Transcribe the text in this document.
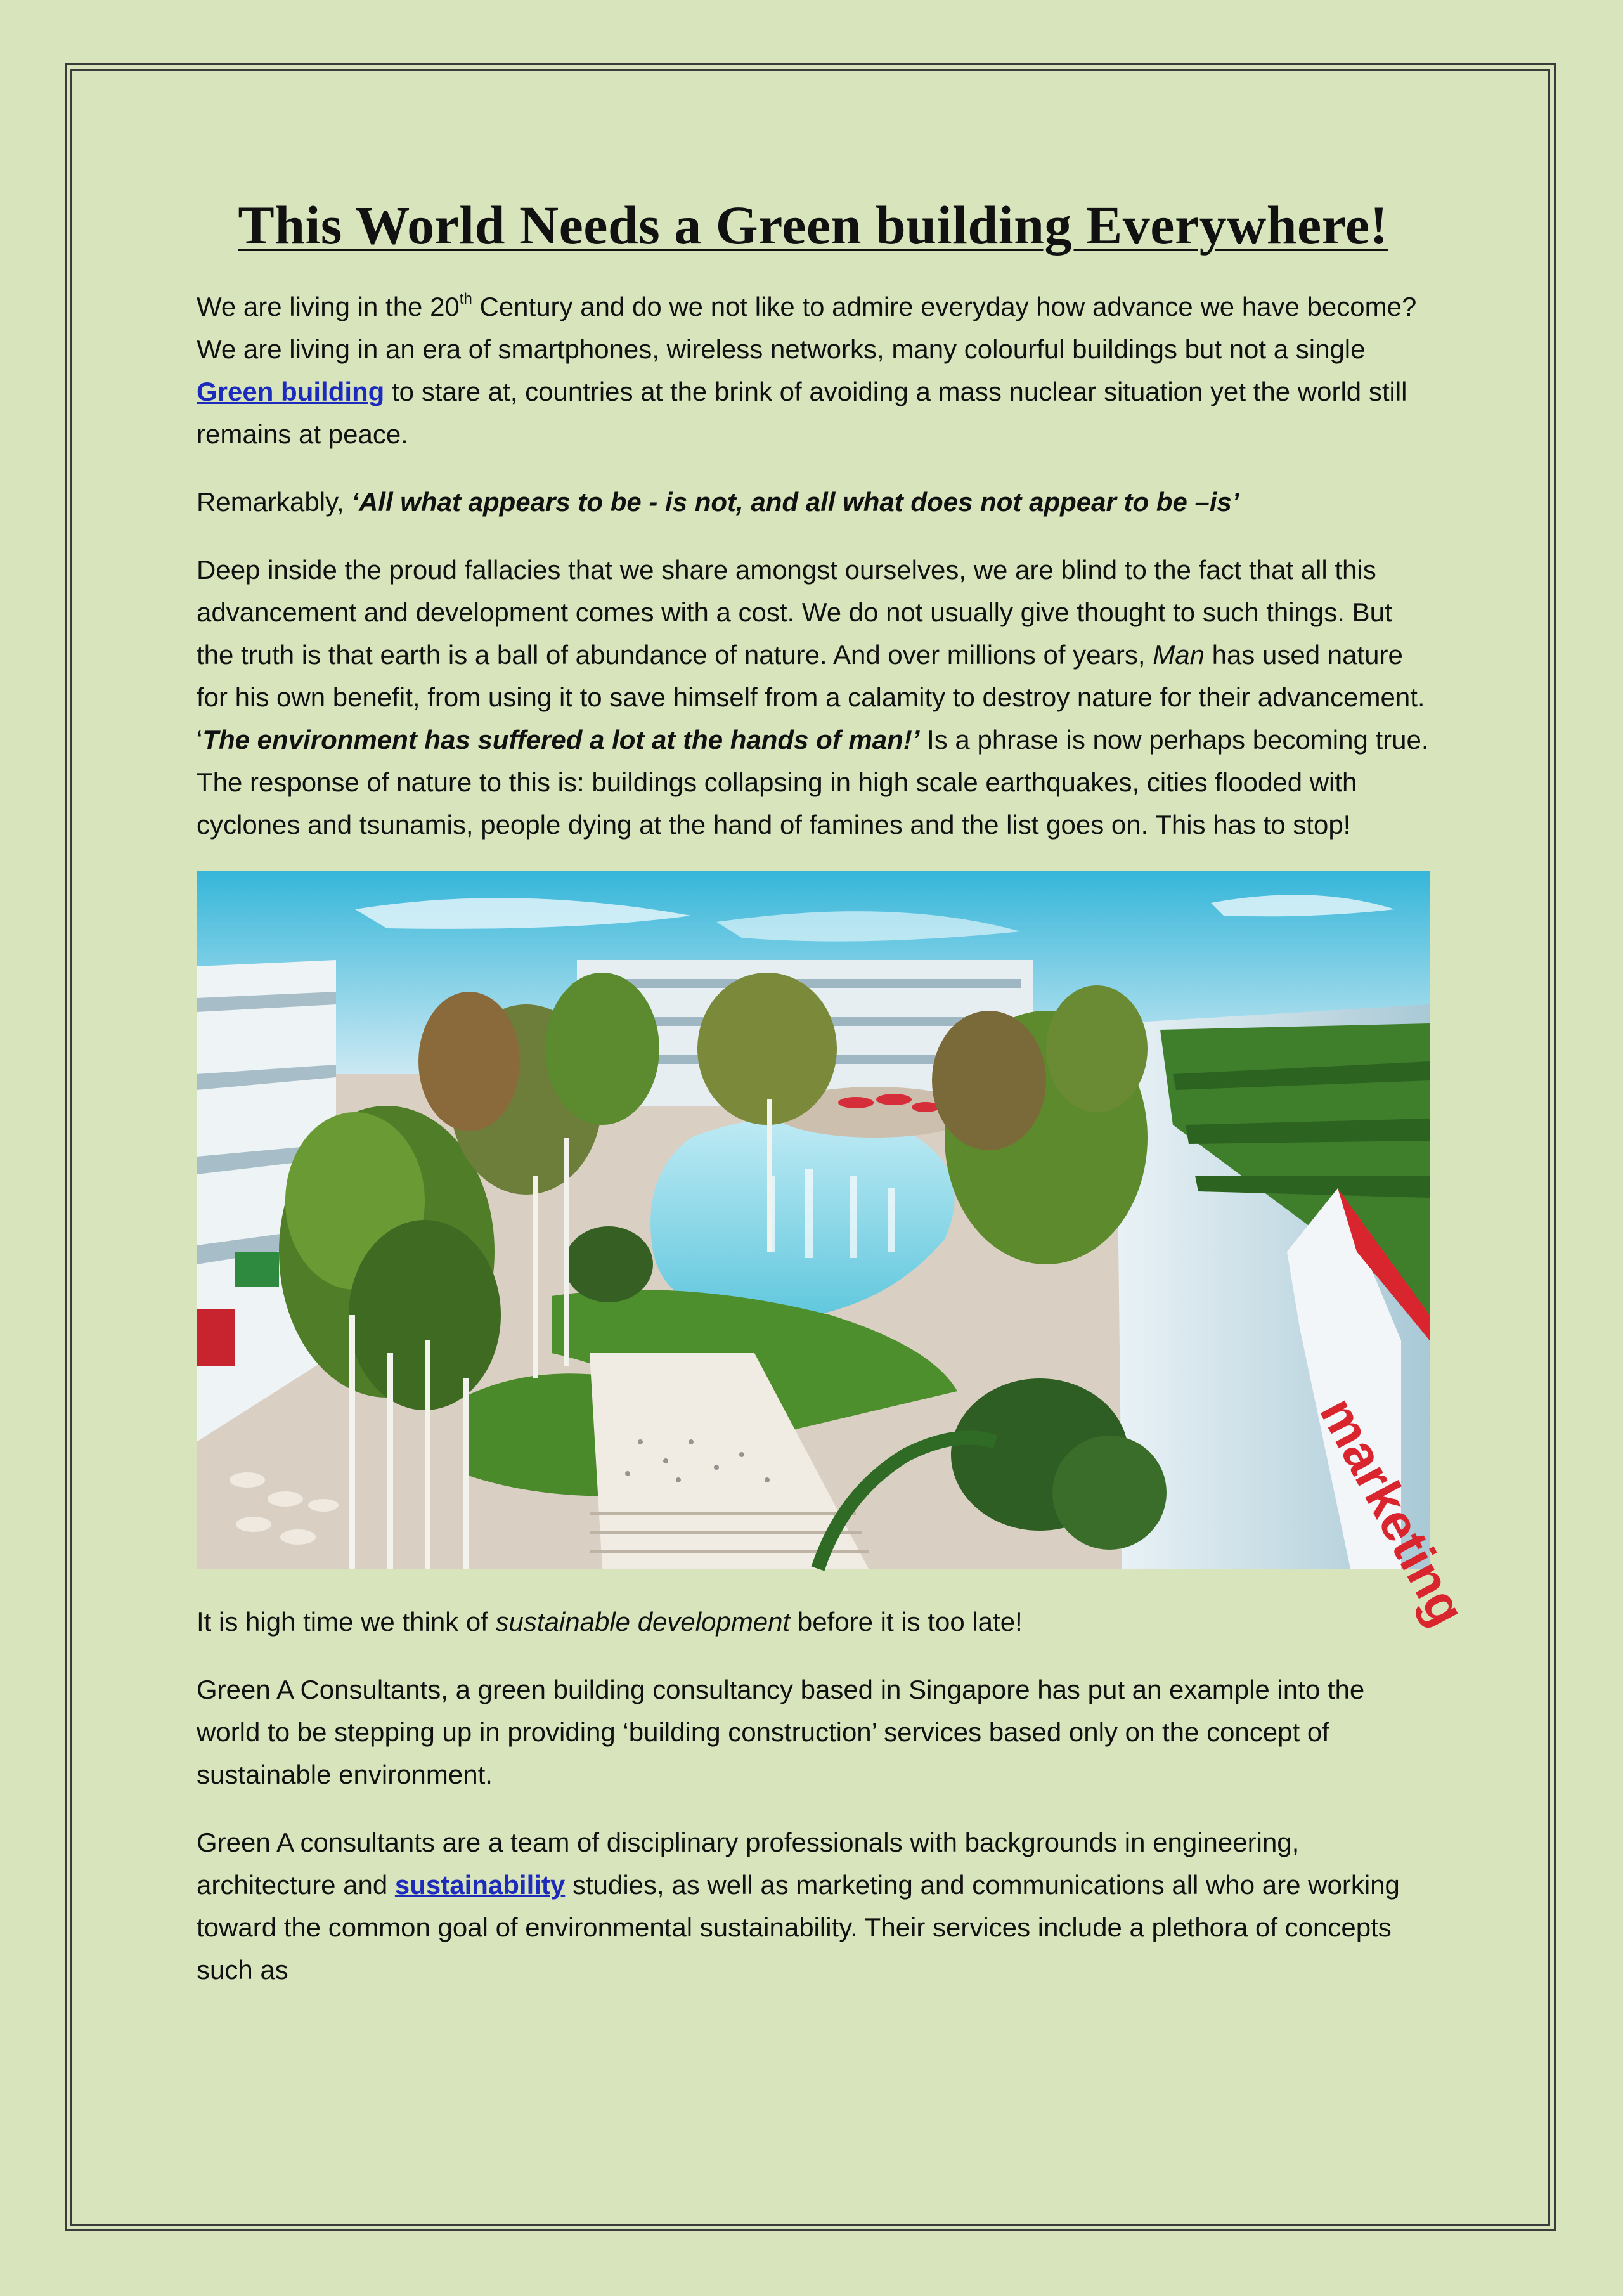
This World Needs a Green building Everywhere!

We are living in the 20th Century and do we not like to admire everyday how advance we have become? We are living in an era of smartphones, wireless networks, many colourful buildings but not a single Green building to stare at, countries at the brink of avoiding a mass nuclear situation yet the world still remains at peace.

Remarkably, ‘All what appears to be - is not, and all what does not appear to be –is’

Deep inside the proud fallacies that we share amongst ourselves, we are blind to the fact that all this advancement and development comes with a cost. We do not usually give thought to such things. But the truth is that earth is a ball of abundance of nature. And over millions of years, Man has used nature for his own benefit, from using it to save himself from a calamity to destroy nature for their advancement. ‘The environment has suffered a lot at the hands of man!’ Is a phrase is now perhaps becoming true. The response of nature to this is: buildings collapsing in high scale earthquakes, cities flooded with cyclones and tsunamis, people dying at the hand of famines and the list goes on. This has to stop!

marketing

It is high time we think of sustainable development before it is too late!

Green A Consultants, a green building consultancy based in Singapore has put an example into the world to be stepping up in providing ‘building construction’ services based only on the concept of sustainable environment.

Green A consultants are a team of disciplinary professionals with backgrounds in engineering, architecture and sustainability studies, as well as marketing and communications all who are working toward the common goal of environmental sustainability. Their services include a plethora of concepts such as
